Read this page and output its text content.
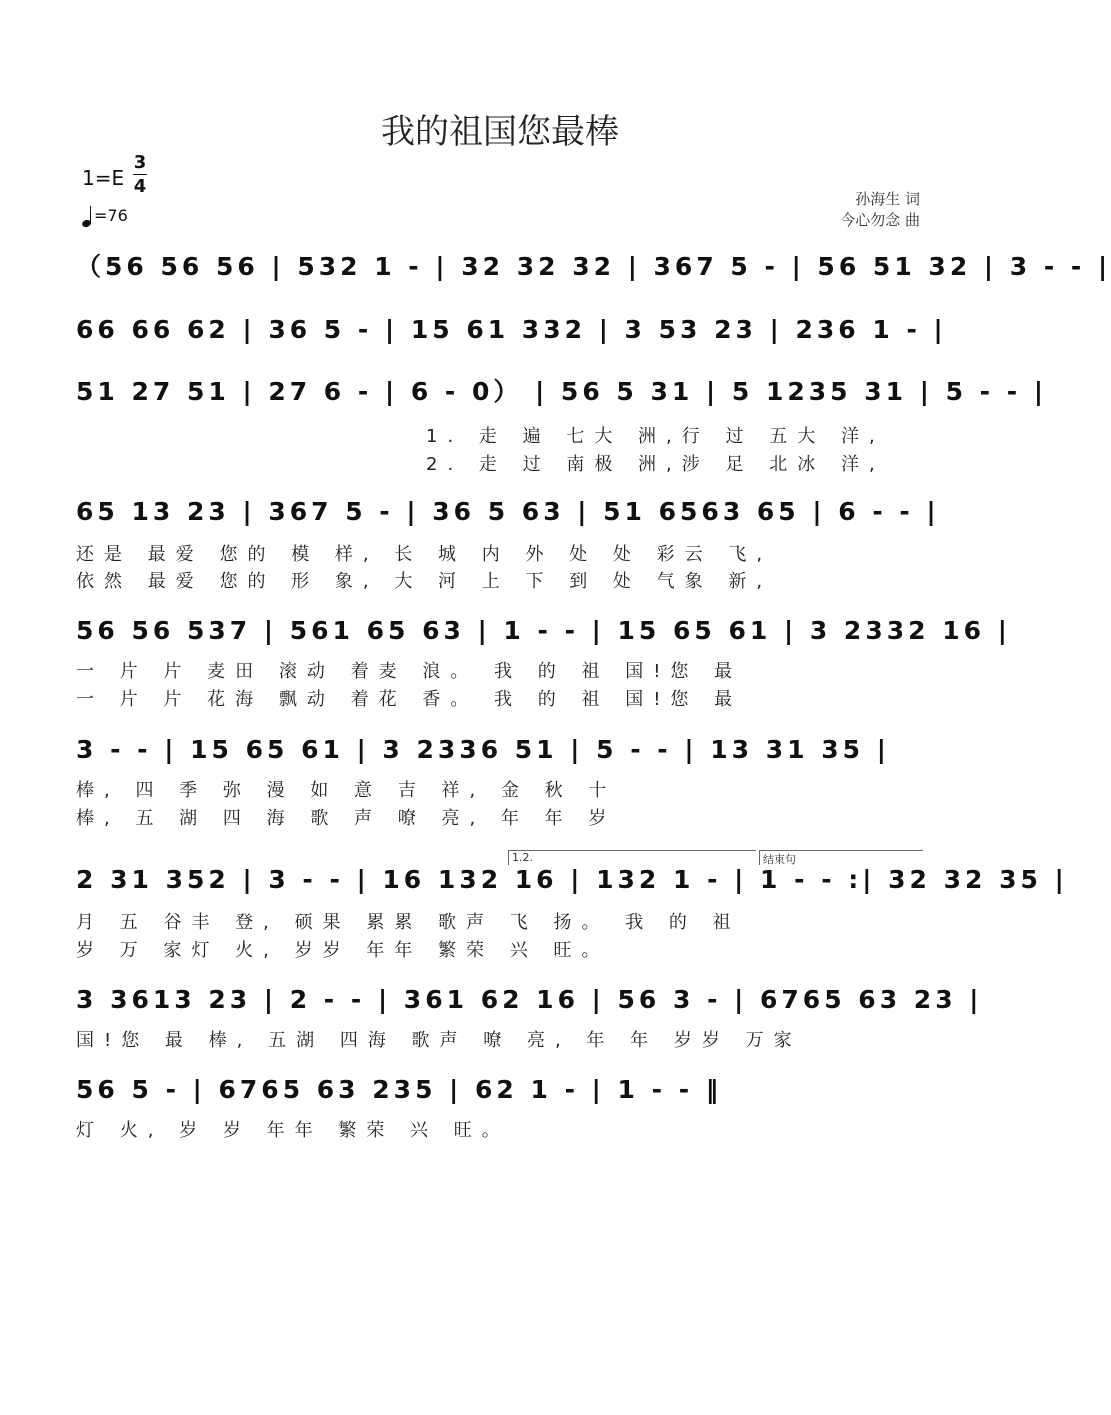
我的祖国您最棒
1=E
3
4
=76
孙海生 词
今心勿念 曲
（56 56 56 | 532 1 - | 32 32 32 | 367 5 - | 56 51 32 | 3 - - |
66 66 62 | 36 5 - | 15 61 332 | 3 53 23 | 236 1 - |
51 27 51 | 27 6 - | 6 - 0） | 56 5 31 | 5 1235 31 | 5 - - |
1. 走 遍 七大 洲,行 过 五大 洋,
2. 走 过 南极 洲,涉 足 北冰 洋,
65 13 23 | 367 5 - | 36 5 63 | 51 6563 65 | 6 - - |
还是 最爱 您的 模 样, 长 城 内 外 处 处 彩云 飞,
依然 最爱 您的 形 象, 大 河 上 下 到 处 气象 新,
56 56 537 | 561 65 63 | 1 - - | 15 65 61 | 3 2332 16 |
一 片 片 麦田 滚动 着麦 浪。 我 的 祖 国!您 最
一 片 片 花海 飘动 着花 香。 我 的 祖 国!您 最
3 - - | 15 65 61 | 3 2336 51 | 5 - - | 13 31 35 |
棒, 四 季 弥 漫 如 意 吉 祥, 金 秋 十
棒, 五 湖 四 海 歌 声 嘹 亮, 年 年 岁
1.2.	结束句
2 31 352 | 3 - - | 16 132 16 | 132 1 - | 1 - - :| 32 32 35 |
月 五 谷丰 登, 硕果 累累 歌声 飞 扬。 我 的 祖
岁 万 家灯 火, 岁岁 年年 繁荣 兴 旺。
3 3613 23 | 2 - - | 361 62 16 | 56 3 - | 6765 63 23 |
国!您 最 棒, 五湖 四海 歌声 嘹 亮, 年 年 岁岁 万家
56 5 - | 6765 63 235 | 62 1 - | 1 - - ‖
灯 火, 岁 岁 年年 繁荣 兴 旺。
